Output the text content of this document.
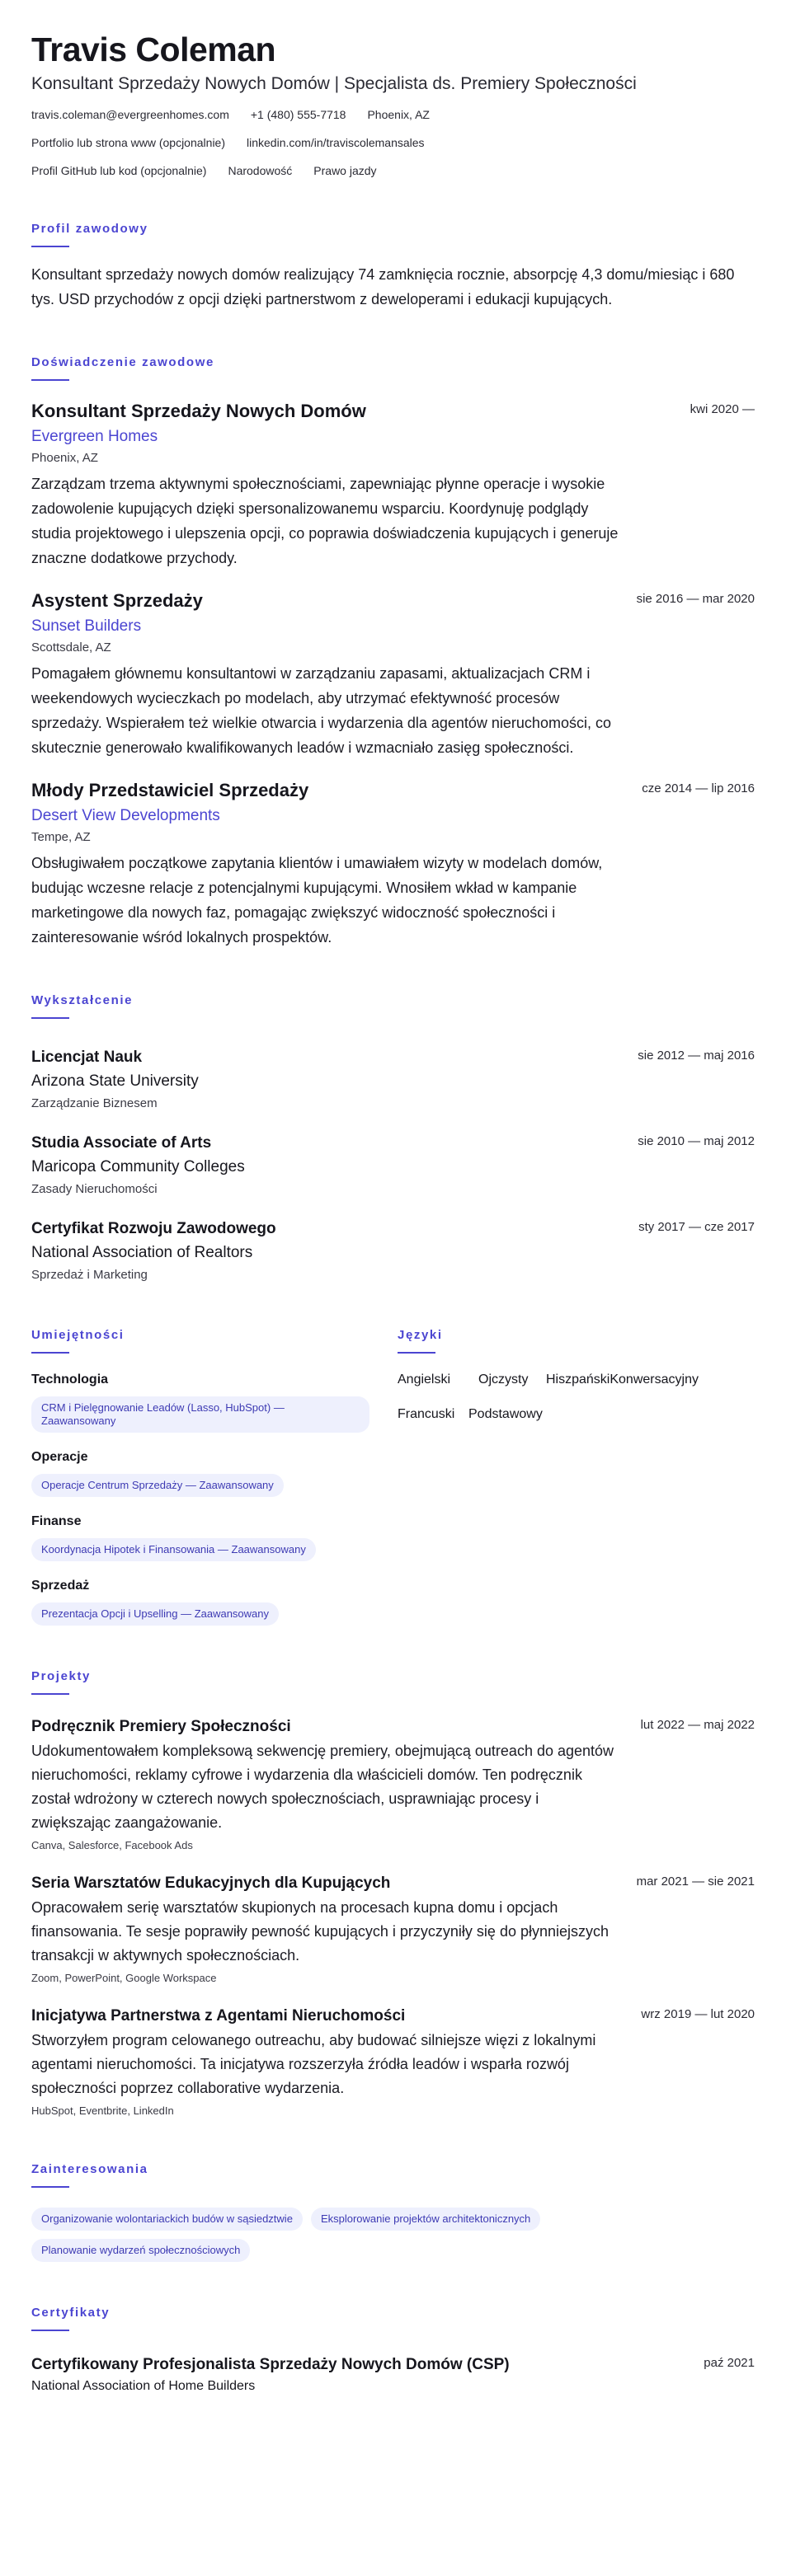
Travis Coleman
Konsultant Sprzedaży Nowych Domów | Specjalista ds. Premiery Społeczności
travis.coleman@evergreenhomes.com +1 (480) 555-7718 Phoenix, AZ
Portfolio lub strona www (opcjonalnie) linkedin.com/in/traviscolemansales
Profil GitHub lub kod (opcjonalnie) Narodowość Prawo jazdy
Profil zawodowy

Konsultant sprzedaży nowych domów realizujący 74 zamknięcia rocznie, absorpcję 4,3 domu/miesiąc i 680 tys. USD przychodów z opcji dzięki partnerstwom z deweloperami i edukacji kupujących.

Doświadczenie zawodowe
Konsultant Sprzedaży Nowych Domów	kwi 2020 —
Evergreen Homes
Phoenix, AZ

Zarządzam trzema aktywnymi społecznościami, zapewniając płynne operacje i wysokie zadowolenie kupujących dzięki spersonalizowanemu wsparciu. Koordynuję podglądy studia projektowego i ulepszenia opcji, co poprawia doświadczenia kupujących i generuje znaczne dodatkowe przychody.

Asystent Sprzedaży	sie 2016 — mar 2020
Sunset Builders
Scottsdale, AZ

Pomagałem głównemu konsultantowi w zarządzaniu zapasami, aktualizacjach CRM i weekendowych wycieczkach po modelach, aby utrzymać efektywność procesów sprzedaży. Wspierałem też wielkie otwarcia i wydarzenia dla agentów nieruchomości, co skutecznie generowało kwalifikowanych leadów i wzmacniało zasięg społeczności.

Młody Przedstawiciel Sprzedaży	cze 2014 — lip 2016
Desert View Developments
Tempe, AZ

Obsługiwałem początkowe zapytania klientów i umawiałem wizyty w modelach domów, budując wczesne relacje z potencjalnymi kupującymi. Wnosiłem wkład w kampanie marketingowe dla nowych faz, pomagając zwiększyć widoczność społeczności i zainteresowanie wśród lokalnych prospektów.

Wykształcenie
Licencjat Nauk	sie 2012 — maj 2016
Arizona State University
Zarządzanie Biznesem
Studia Associate of Arts	sie 2010 — maj 2012
Maricopa Community Colleges
Zasady Nieruchomości
Certyfikat Rozwoju Zawodowego	sty 2017 — cze 2017
National Association of Realtors
Sprzedaż i Marketing
Umiejętności
Technologia
CRM i Pielęgnowanie Leadów (Lasso, HubSpot) — Zaawansowany
Operacje
Operacje Centrum Sprzedaży — Zaawansowany
Finanse
Koordynacja Hipotek i Finansowania — Zaawansowany
Sprzedaż
Prezentacja Opcji i Upselling — Zaawansowany
Języki
Angielski	Ojczysty	Hiszpański Konwersacyjny
Francuski	Podstawowy
Projekty
Podręcznik Premiery Społeczności	lut 2022 — maj 2022

Udokumentowałem kompleksową sekwencję premiery, obejmującą outreach do agentów nieruchomości, reklamy cyfrowe i wydarzenia dla właścicieli domów. Ten podręcznik został wdrożony w czterech nowych społecznościach, usprawniając procesy i zwiększając zaangażowanie.

Canva, Salesforce, Facebook Ads
Seria Warsztatów Edukacyjnych dla Kupujących	mar 2021 — sie 2021

Opracowałem serię warsztatów skupionych na procesach kupna domu i opcjach finansowania. Te sesje poprawiły pewność kupujących i przyczyniły się do płynniejszych transakcji w aktywnych społecznościach.

Zoom, PowerPoint, Google Workspace
Inicjatywa Partnerstwa z Agentami Nieruchomości	wrz 2019 — lut 2020

Stworzyłem program celowanego outreachu, aby budować silniejsze więzi z lokalnymi agentami nieruchomości. Ta inicjatywa rozszerzyła źródła leadów i wsparła rozwój społeczności poprzez collaborative wydarzenia.

HubSpot, Eventbrite, LinkedIn
Zainteresowania
Organizowanie wolontariackich budów w sąsiedztwie	Eksplorowanie projektów architektonicznych
Planowanie wydarzeń społecznościowych
Certyfikaty
Certyfikowany Profesjonalista Sprzedaży Nowych Domów (CSP)	paź 2021
National Association of Home Builders
